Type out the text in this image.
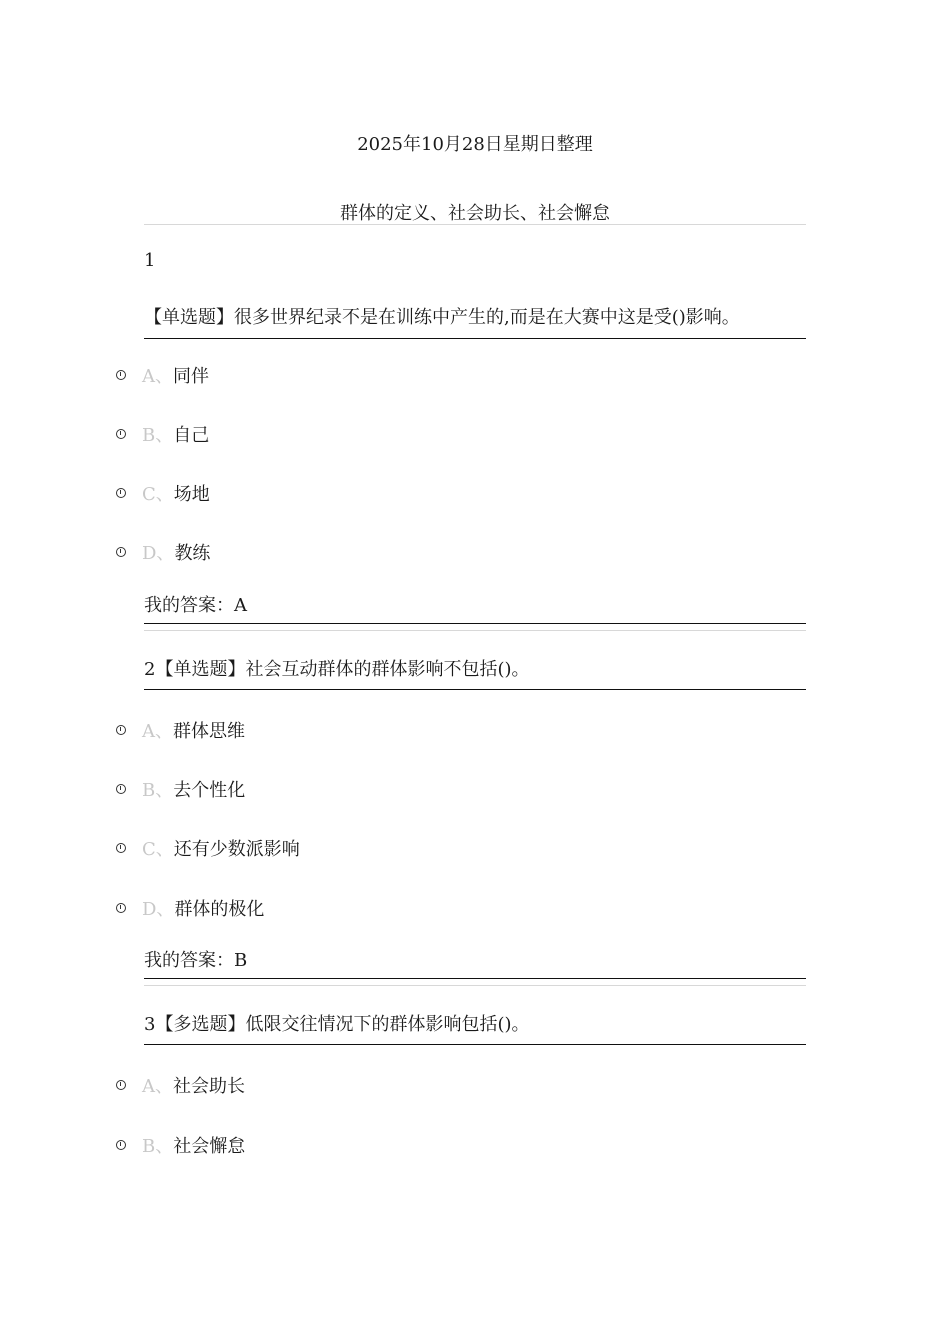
2025年10月28日星期日整理
群体的定义、社会助长、社会懈怠
1
【单选题】很多世界纪录不是在训练中产生的,而是在大赛中这是受()影响。
A、 同伴
B、 自己
C、 场地
D、 教练
我的答案：A
2【单选题】社会互动群体的群体影响不包括()。
A、 群体思维
B、 去个性化
C、 还有少数派影响
D、 群体的极化
我的答案：B
3【多选题】低限交往情况下的群体影响包括()。
A、 社会助长
B、 社会懈怠
